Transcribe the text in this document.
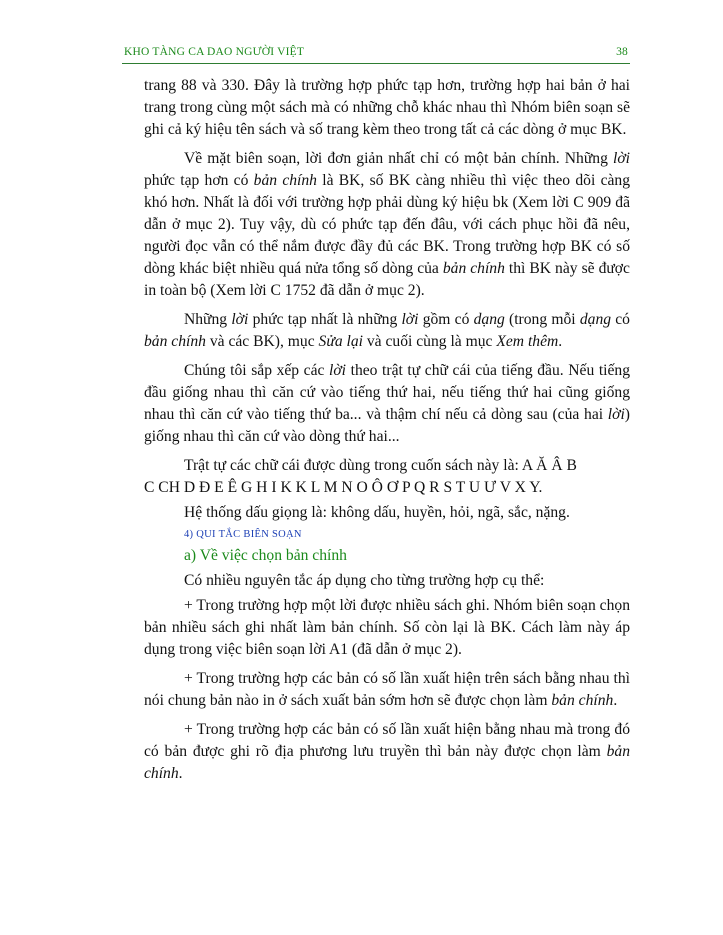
KHO TÀNG CA DAO NGƯỜI VIỆT	38

trang 88 và 330. Đây là trường hợp phức tạp hơn, trường hợp hai bản ở hai trang trong cùng một sách mà có những chỗ khác nhau thì Nhóm biên soạn sẽ ghi cả ký hiệu tên sách và số trang kèm theo trong tất cả các dòng ở mục BK.

Về mặt biên soạn, lời đơn giản nhất chỉ có một bản chính. Những lời phức tạp hơn có bản chính là BK, số BK càng nhiều thì việc theo dõi càng khó hơn. Nhất là đối với trường hợp phải dùng ký hiệu bk (Xem lời C 909 đã dẫn ở mục 2). Tuy vậy, dù có phức tạp đến đâu, với cách phục hồi đã nêu, người đọc vẫn có thể nắm được đầy đủ các BK. Trong trường hợp BK có số dòng khác biệt nhiều quá nửa tổng số dòng của bản chính thì BK này sẽ được in toàn bộ (Xem lời C 1752 đã dẫn ở mục 2).

Những lời phức tạp nhất là những lời gồm có dạng (trong mỗi dạng có bản chính và các BK), mục Sửa lại và cuối cùng là mục Xem thêm.

Chúng tôi sắp xếp các lời theo trật tự chữ cái của tiếng đầu. Nếu tiếng đầu giống nhau thì căn cứ vào tiếng thứ hai, nếu tiếng thứ hai cũng giống nhau thì căn cứ vào tiếng thứ ba... và thậm chí nếu cả dòng sau (của hai lời) giống nhau thì căn cứ vào dòng thứ hai...

Trật tự các chữ cái được dùng trong cuốn sách này là: A Ă Â B
C CH D Đ E Ê G H I K K L M N O Ô Ơ P Q R S T U Ư V X Y.

Hệ thống dấu giọng là: không dấu, huyền, hỏi, ngã, sắc, nặng.

4) QUI TẮC BIÊN SOẠN

a) Về việc chọn bản chính

Có nhiều nguyên tắc áp dụng cho từng trường hợp cụ thể:

+ Trong trường hợp một lời được nhiều sách ghi. Nhóm biên soạn chọn bản nhiều sách ghi nhất làm bản chính. Số còn lại là BK. Cách làm này áp dụng trong việc biên soạn lời A1 (đã dẫn ở mục 2).

+ Trong trường hợp các bản có số lần xuất hiện trên sách bằng nhau thì nói chung bản nào in ở sách xuất bản sớm hơn sẽ được chọn làm bản chính.

+ Trong trường hợp các bản có số lần xuất hiện bằng nhau mà trong đó có bản được ghi rõ địa phương lưu truyền thì bản này được chọn làm bản chính.
